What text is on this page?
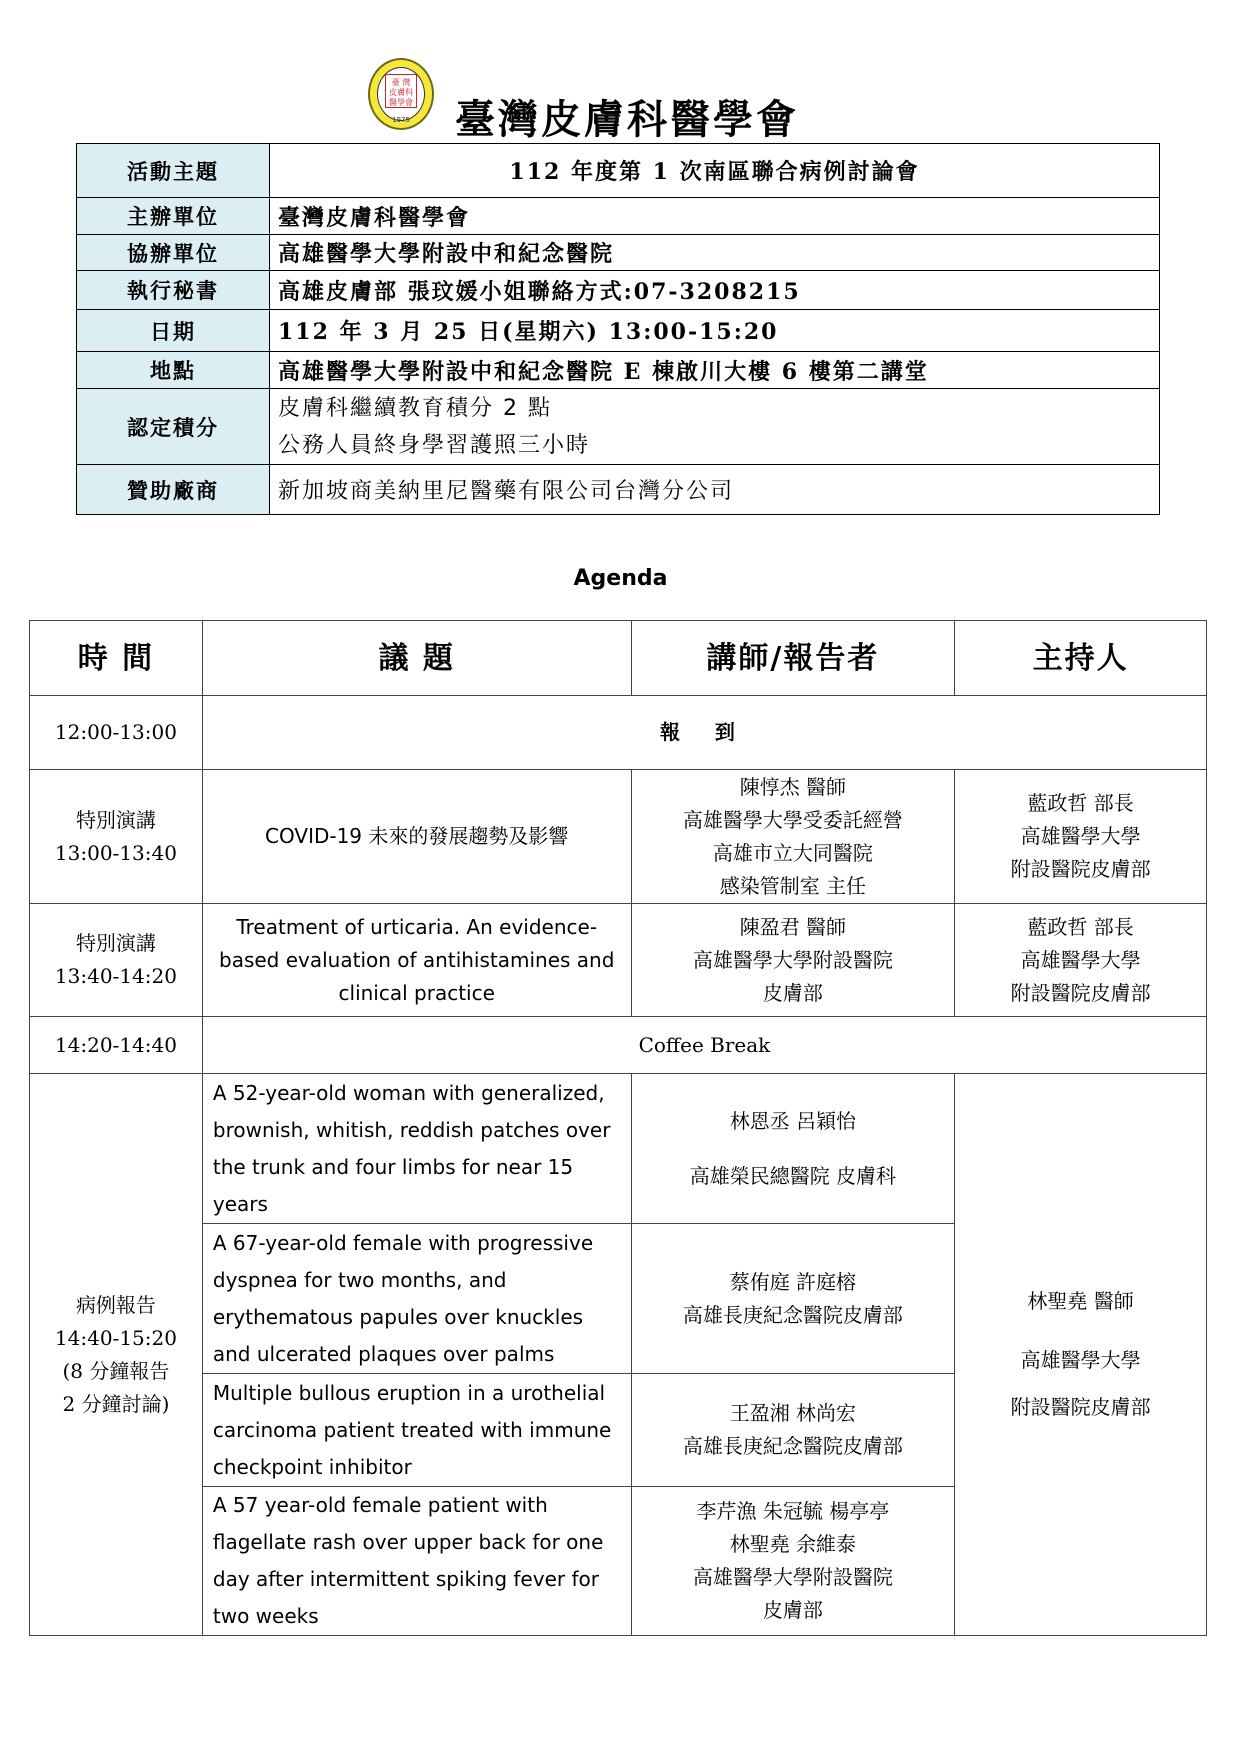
臺 灣
皮膚科
醫學會
1975	臺灣皮膚科醫學會
活動主題	112 年度第 1 次南區聯合病例討論會
主辦單位	臺灣皮膚科醫學會
協辦單位	高雄醫學大學附設中和紀念醫院
執行秘書	高雄皮膚部 張玟媛小姐聯絡方式:07-3208215
日期	112 年 3 月 25 日(星期六) 13:00-15:20
地點	高雄醫學大學附設中和紀念醫院 E 棟啟川大樓 6 樓第二講堂
認定積分	皮膚科繼續教育積分 2 點
公務人員終身學習護照三小時

贊助廠商	新加坡商美納里尼醫藥有限公司台灣分公司
Agenda
時 間	議 題	講師/報告者	主持人
12:00-13:00	報 到		

特別演講
13:00-13:40	COVID-19 未來的發展趨勢及影響	陳惇杰 醫師
高雄醫學大學受委託經營
高雄市立大同醫院
感染管制室 主任	藍政哲 部長
高雄醫學大學
附設醫院皮膚部

特別演講
13:40-14:20	Treatment of urticaria. An evidence-
based evaluation of antihistamines and
clinical practice	陳盈君 醫師
高雄醫學大學附設醫院
皮膚部	藍政哲 部長
高雄醫學大學
附設醫院皮膚部

14:20-14:40	Coffee Break		

病例報告
14:40-15:20
(8 分鐘報告
2 分鐘討論)	A 52-year-old woman with generalized,
brownish, whitish, reddish patches over
the trunk and four limbs for near 15
years	林恩丞 呂穎怡
高雄榮民總醫院 皮膚科	林聖堯 醫師
高雄醫學大學
附設醫院皮膚部

	A 67-year-old female with progressive
dyspnea for two months, and
erythematous papules over knuckles
and ulcerated plaques over palms	蔡侑庭 許庭榕
高雄長庚紀念醫院皮膚部	

	Multiple bullous eruption in a urothelial
carcinoma patient treated with immune
checkpoint inhibitor	王盈湘 林尚宏
高雄長庚紀念醫院皮膚部	

	A 57 year-old female patient with
flagellate rash over upper back for one
day after intermittent spiking fever for
two weeks	李芹漁 朱冠毓 楊亭亭
林聖堯 余維泰
高雄醫學大學附設醫院
皮膚部	
